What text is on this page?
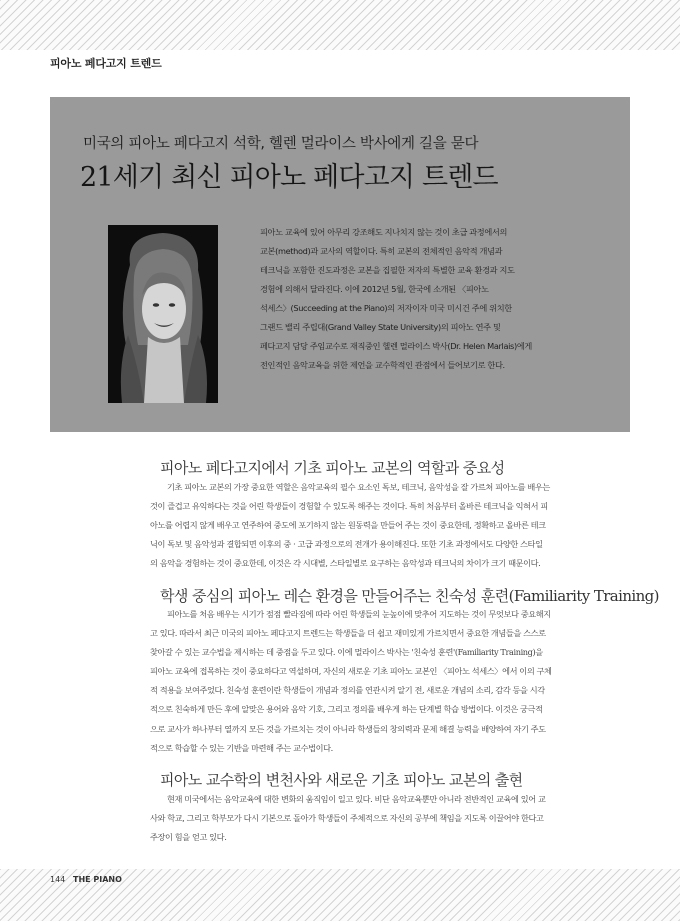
피아노 페다고지 트렌드
미국의 피아노 페다고지 석학, 헬렌 멀라이스 박사에게 길을 묻다
21세기 최신 피아노 페다고지 트렌드
피아노 교육에 있어 아무리 강조해도 지나치지 않는 것이 초급 과정에서의
교본(method)과 교사의 역할이다. 특히 교본의 전체적인 음악적 개념과
테크닉을 포함한 진도과정은 교본을 집필한 저자의 특별한 교육 환경과 지도
경험에 의해서 달라진다. 이에 2012년 5월, 한국에 소개된 〈피아노
석세스〉(Succeeding at the Piano)의 저자이자 미국 미시건 주에 위치한
그랜드 밸리 주립대(Grand Valley State University)의 피아노 연주 및
페다고지 담당 주임교수로 재직중인 헬렌 멀라이스 박사(Dr. Helen Marlais)에게
전인적인 음악교육을 위한 제언을 교수학적인 관점에서 들어보기로 한다.
피아노 페다고지에서 기초 피아노 교본의 역할과 중요성
기초 피아노 교본의 가장 중요한 역할은 음악교육의 필수 요소인 독보, 테크닉, 음악성을 잘 가르쳐 피아노를 배우는
것이 즐겁고 유익하다는 것을 어린 학생들이 경험할 수 있도록 해주는 것이다. 특히 처음부터 올바른 테크닉을 익혀서 피
아노를 어렵지 않게 배우고 연주하여 중도에 포기하지 않는 원동력을 만들어 주는 것이 중요한데, 정확하고 올바른 테크
닉이 독보 및 음악성과 결합되면 이후의 중 · 고급 과정으로의 전개가 용이해진다. 또한 기초 과정에서도 다양한 스타일
의 음악을 경험하는 것이 중요한데, 이것은 각 시대별, 스타일별로 요구하는 음악성과 테크닉의 차이가 크기 때문이다.
학생 중심의 피아노 레슨 환경을 만들어주는 친숙성 훈련(Familiarity Training)
피아노를 처음 배우는 시기가 점점 빨라짐에 따라 어린 학생들의 눈높이에 맞추어 지도하는 것이 무엇보다 중요해지
고 있다. 따라서 최근 미국의 피아노 페다고지 트렌드는 학생들을 더 쉽고 재미있게 가르치면서 중요한 개념들을 스스로
찾아갈 수 있는 교수법을 제시하는 데 중점을 두고 있다. 이에 멀라이스 박사는 '친숙성 훈련'(Familiarity Training)을
피아노 교육에 접목하는 것이 중요하다고 역설하며, 자신의 새로운 기초 피아노 교본인 〈피아노 석세스〉에서 이의 구체
적 적용을 보여주었다. 친숙성 훈련이란 학생들이 개념과 정의를 연관시켜 알기 전, 새로운 개념의 소리, 감각 등을 시각
적으로 친숙하게 만든 후에 알맞은 용어와 음악 기호, 그리고 정의를 배우게 하는 단계별 학습 방법이다. 이것은 궁극적
으로 교사가 하나부터 열까지 모든 것을 가르치는 것이 아니라 학생들의 창의력과 문제 해결 능력을 배양하여 자기 주도
적으로 학습할 수 있는 기반을 마련해 주는 교수법이다.
피아노 교수학의 변천사와 새로운 기초 피아노 교본의 출현
현재 미국에서는 음악교육에 대한 변화의 움직임이 일고 있다. 비단 음악교육뿐만 아니라 전반적인 교육에 있어 교
사와 학교, 그리고 학부모가 다시 기본으로 돌아가 학생들이 주체적으로 자신의 공부에 책임을 지도록 이끌어야 한다고
주장이 힘을 얻고 있다.
144 THE PIANO
